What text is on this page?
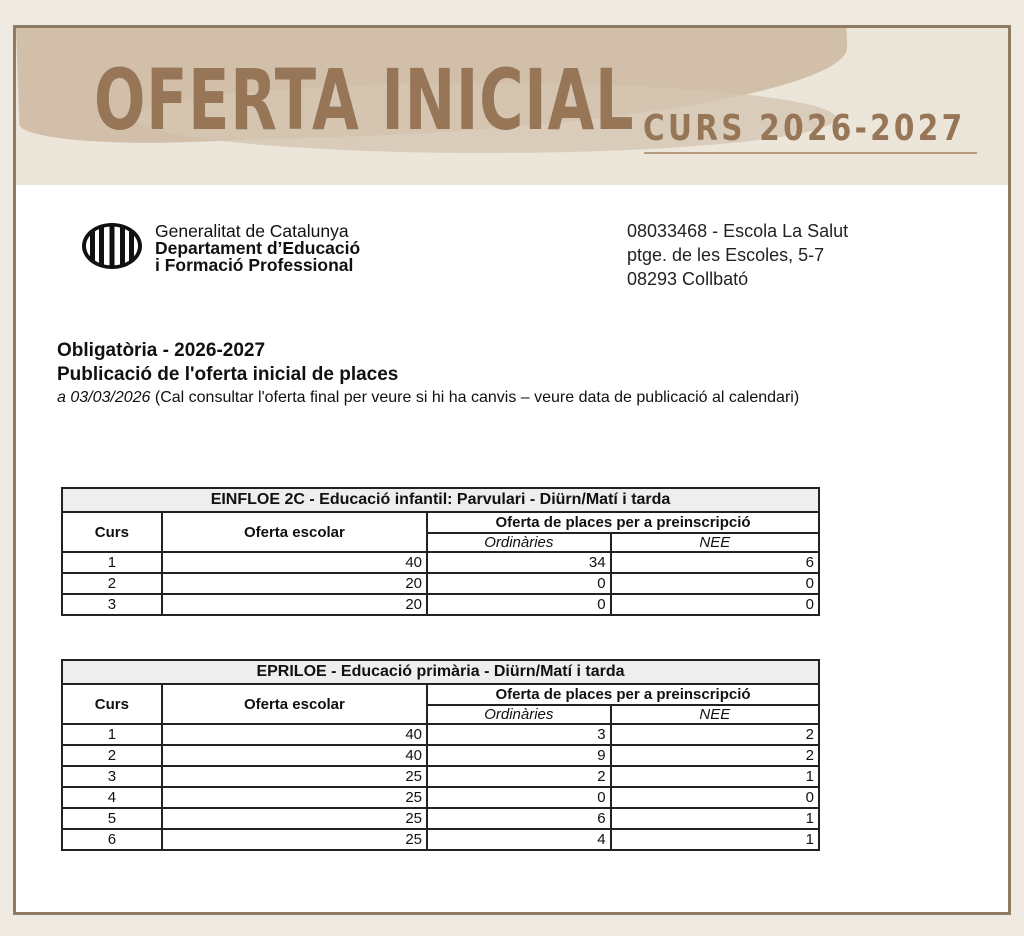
OFERTA INICIAL CURS 2026-2027
Generalitat de Catalunya
Departament d’Educació
i Formació Professional
08033468 - Escola La Salut
ptge. de les Escoles, 5-7
08293 Collbató
Obligatòria - 2026-2027
Publicació de l'oferta inicial de places
a 03/03/2026 (Cal consultar l'oferta final per veure si hi ha canvis – veure data de publicació al calendari)
EINFLOE 2C - Educació infantil: Parvulari - Diürn/Matí i tarda			
Curs	Oferta escolar	Oferta de places per a preinscripció	
		Ordinàries	NEE
1	40	34	6
2	20	0	0
3	20	0	0
EPRILOE - Educació primària - Diürn/Matí i tarda			
Curs	Oferta escolar	Oferta de places per a preinscripció	
		Ordinàries	NEE
1	40	3	2
2	40	9	2
3	25	2	1
4	25	0	0
5	25	6	1
6	25	4	1
